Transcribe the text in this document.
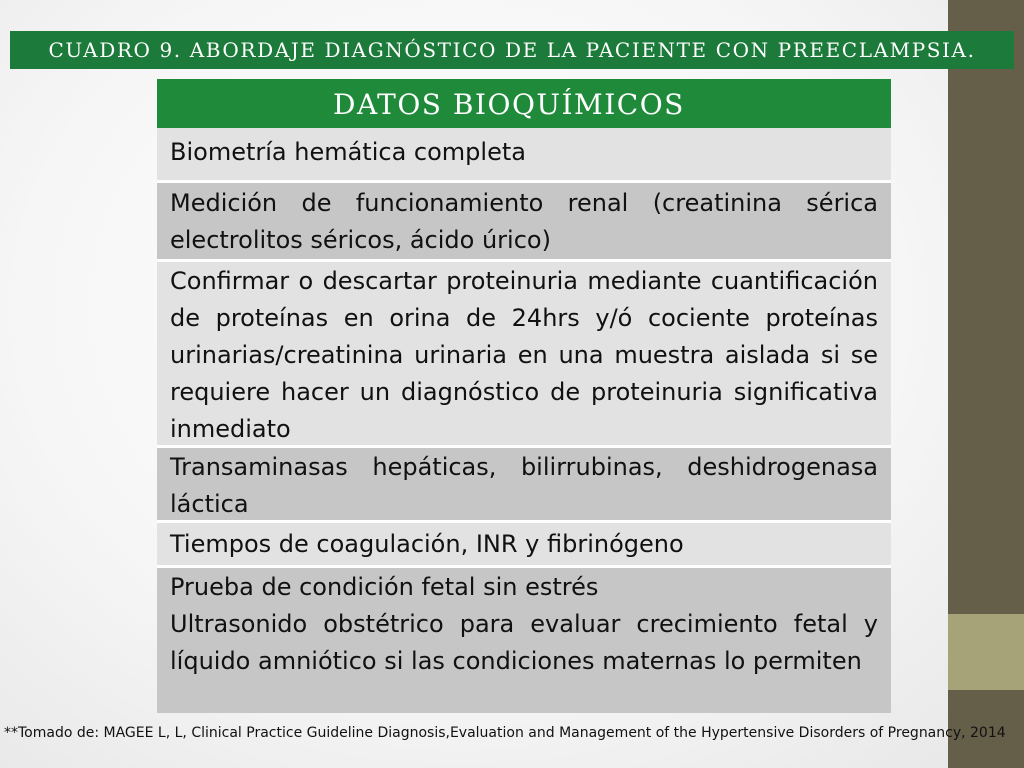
CUADRO 9. ABORDAJE DIAGNÓSTICO DE LA PACIENTE CON PREECLAMPSIA.
DATOS BIOQUÍMICOS
Biometría hemática completa
Medición de funcionamiento renal (creatinina sérica electrolitos séricos, ácido úrico)
Confirmar o descartar proteinuria mediante cuantificación de proteínas en orina de 24hrs y/ó cociente proteínas urinarias/creatinina urinaria en una muestra aislada si se requiere hacer un diagnóstico de proteinuria significativa inmediato
Transaminasas hepáticas, bilirrubinas, deshidrogenasa láctica
Tiempos de coagulación, INR y fibrinógeno
Prueba de condición fetal sin estrés
Ultrasonido obstétrico para evaluar crecimiento fetal y líquido amniótico si las condiciones maternas lo permiten
**Tomado de: MAGEE L, L, Clinical Practice Guideline Diagnosis,Evaluation and Management of the Hypertensive Disorders of Pregnancy, 2014
